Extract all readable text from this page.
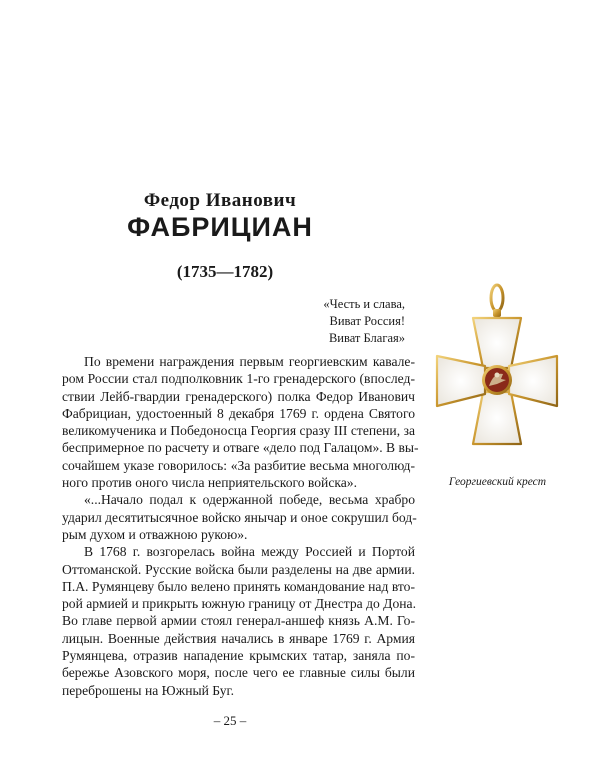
Федор Иванович
ФАБРИЦИАН
(1735—1782)
«Честь и слава,
Виват Россия!
Виват Благая»
Георгиевский крест
По времени награждения первым георгиевским кавале-
ром России стал подполковник 1-го гренадерского (впослед-
ствии Лейб-гвардии гренадерского) полка Федор Иванович
Фабрициан, удостоенный 8 декабря 1769 г. ордена Святого
великомученика и Победоносца Георгия сразу III степени, за
беспримерное по расчету и отваге «дело под Галацом». В вы-
сочайшем указе говорилось: «За разбитие весьма многолюд-
ного против оного числа неприятельского войска».
«...Начало подал к одержанной победе, весьма храбро
ударил десятитысячное войско янычар и оное сокрушил бод-
рым духом и отважною рукою».
В 1768 г. возгорелась война между Россией и Портой
Оттоманской. Русские войска были разделены на две армии.
П.А. Румянцеву было велено принять командование над вто-
рой армией и прикрыть южную границу от Днестра до Дона.
Во главе первой армии стоял генерал-аншеф князь А.М. Го-
лицын. Военные действия начались в январе 1769 г. Армия
Румянцева, отразив нападение крымских татар, заняла по-
бережье Азовского моря, после чего ее главные силы были
переброшены на Южный Буг.
– 25 –
